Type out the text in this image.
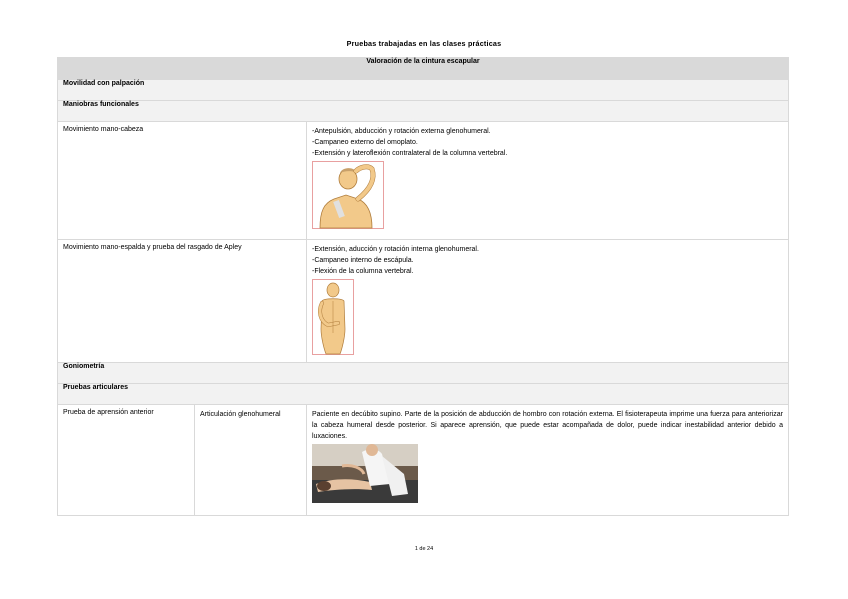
Pruebas trabajadas en las clases prácticas
Valoración de la cintura escapular		
Movilidad con palpación		
Maniobras funcionales		
Movimiento mano-cabeza		-Antepulsión, abducción y rotación externa glenohumeral.
-Campaneo externo del omoplato.
-Extensión y lateroflexión contralateral de la columna vertebral.

Movimiento mano-espalda y prueba del rasgado de Apley		-Extensión, aducción y rotación interna glenohumeral.
-Campaneo interno de escápula.
-Flexión de la columna vertebral.

Goniometría		
Pruebas articulares		
Prueba de aprensión anterior	Articulación glenohumeral	Paciente en decúbito supino. Parte de la posición de abducción de hombro con rotación externa. El fisioterapeuta imprime una fuerza para anteriorizar la cabeza humeral desde posterior. Si aparece aprensión, que puede estar acompañada de dolor, puede indicar inestabilidad anterior debido a luxaciones.
1 de 24
